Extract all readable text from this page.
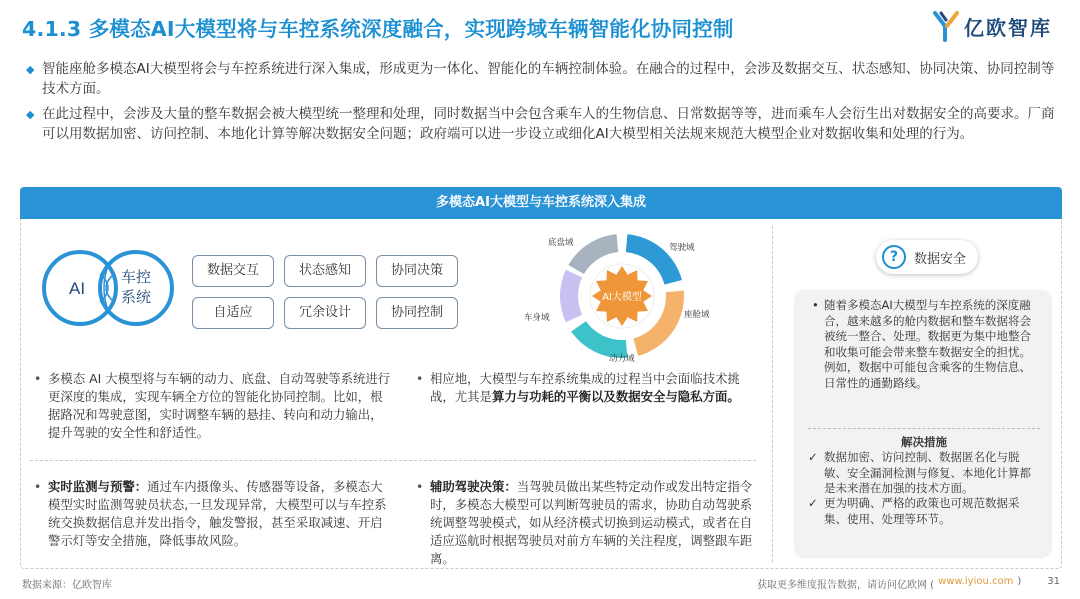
4.1.3 多模态AI大模型将与车控系统深度融合，实现跨域车辆智能化协同控制	亿欧智库
◆ 智能座舱多模态AI大模型将会与车控系统进行深入集成，形成更为一体化、智能化的车辆控制体验。在融合的过程中，会涉及数据交互、状态感知、协同决策、协同控制等技术方面。
◆ 在此过程中，会涉及大量的整车数据会被大模型统一整理和处理，同时数据当中会包含乘车人的生物信息、日常数据等等，进而乘车人会衍生出对数据安全的高要求。厂商可以用数据加密、访问控制、本地化计算等解决数据安全问题；政府端可以进一步设立或细化AI大模型相关法规来规范大模型企业对数据收集和处理的行为。
多模态AI大模型与车控系统深入集成
AI
车控
系统
数据交互	状态感知	协同决策
自适应	冗余设计	协同控制
AI大模型
底盘域	驾驶域
座舱域
动力域
车身域
• 多模态 AI 大模型将与车辆的动力、底盘、自动驾驶等系统进行更深度的集成，实现车辆全方位的智能化协同控制。比如，根据路况和驾驶意图，实时调整车辆的悬挂、转向和动力输出，提升驾驶的安全性和舒适性。
• 相应地，大模型与车控系统集成的过程当中会面临技术挑战，尤其是算力与功耗的平衡以及数据安全与隐私方面。
• 实时监测与预警：通过车内摄像头、传感器等设备，多模态大模型实时监测驾驶员状态,一旦发现异常，大模型可以与车控系统交换数据信息并发出指令，触发警报，甚至采取减速、开启警示灯等安全措施，降低事故风险。
• 辅助驾驶决策：当驾驶员做出某些特定动作或发出特定指令时，多模态大模型可以判断驾驶员的需求，协助自动驾驶系统调整驾驶模式，如从经济模式切换到运动模式，或者在自适应巡航时根据驾驶员对前方车辆的关注程度，调整跟车距离。
?	数据安全
• 随着多模态AI大模型与车控系统的深度融合，越来越多的舱内数据和整车数据将会被统一整合、处理。数据更为集中地整合和收集可能会带来整车数据安全的担忧。例如，数据中可能包含乘客的生物信息、日常性的通勤路线。
解决措施
✓ 数据加密、访问控制、数据匿名化与脱敏、安全漏洞检测与修复、本地化计算都是未来潜在加强的技术方面。
✓ 更为明确、严格的政策也可规范数据采集、使用、处理等环节。
数据来源：亿欧智库	获取更多维度报告数据，请访问亿欧网 ( www.iyiou.com )	31
